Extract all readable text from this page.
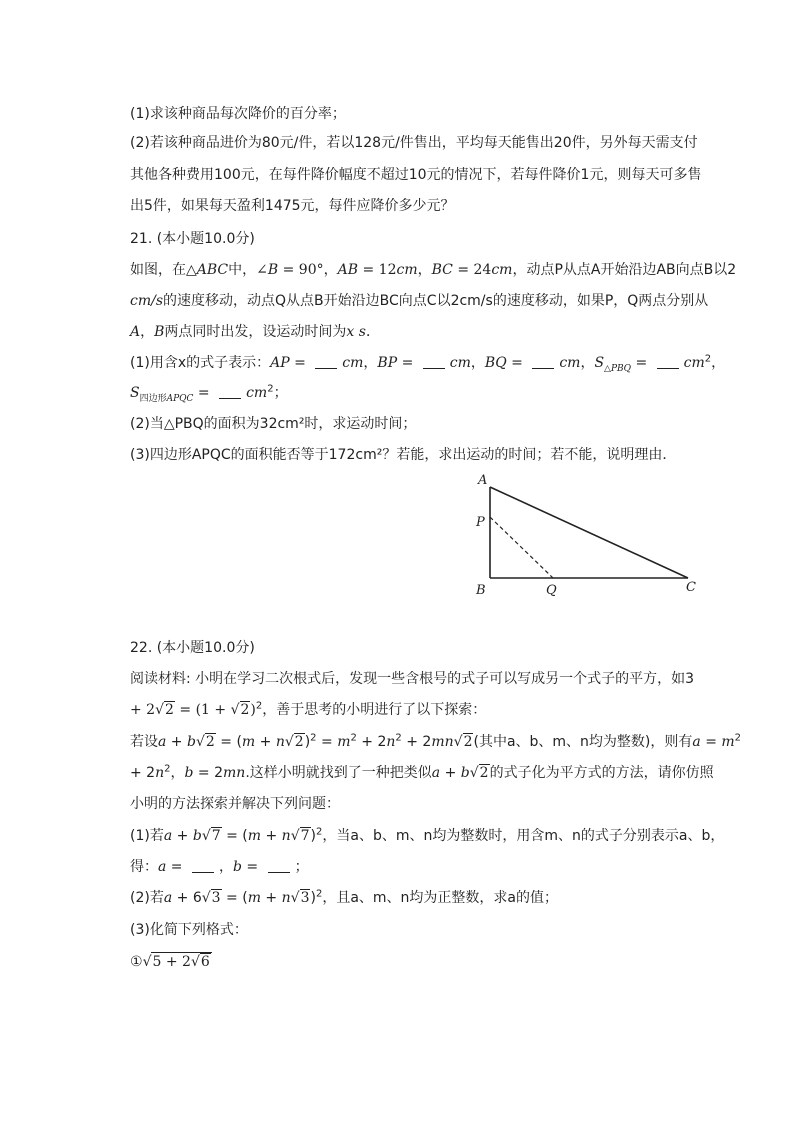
(1)求该种商品每次降价的百分率；
(2)若该种商品进价为80元/件，若以128元/件售出，平均每天能售出20件，另外每天需支付
其他各种费用100元，在每件降价幅度不超过10元的情况下，若每件降价1元，则每天可多售
出5件，如果每天盈利1475元，每件应降价多少元？
21. (本小题10.0分)
如图，在△ABC中，∠B = 90°，AB = 12cm，BC = 24cm，动点P从点A开始沿边AB向点B以2
cm/s的速度移动，动点Q从点B开始沿边BC向点C以2cm/s的速度移动，如果P，Q两点分别从
A，B两点同时出发，设运动时间为x s．
(1)用含x的式子表示：AP = cm，BP = cm，BQ = cm，$S_{\triangle PBQ} = cm^2$，
$S_{四边形APQC} = cm^2$；
(2)当△PBQ的面积为32cm²时，求运动时间；
(3)四边形APQC的面积能否等于172cm²？若能，求出运动的时间；若不能，说明理由．
A
P
B	Q	C
22. (本小题10.0分)
阅读材料: 小明在学习二次根式后，发现一些含根号的式子可以写成另一个式子的平方，如3
+ $2√2 = (1 + √2)^2$，善于思考的小明进行了以下探索：
若设$a + b√2 = (m + n√2)^2 = m^2 + 2n^2 + 2mn√2$(其中a、b、m、n均为整数)，则有$a = m^2$
+ $2n^2$，b = 2mn.这样小明就找到了一种把类似a + b√2的式子化为平方式的方法，请你仿照
小明的方法探索并解决下列问题：
(1)若$a + b√7 = (m + n√7)^2$，当a、b、m、n均为整数时，用含m、n的式子分别表示a、b，
得：a = ，b = ；
(2)若$a + 6√3 = (m + n√3)^2$，且a、m、n均为正整数，求a的值；
(3)化简下列格式：
①√5 + 2√6
